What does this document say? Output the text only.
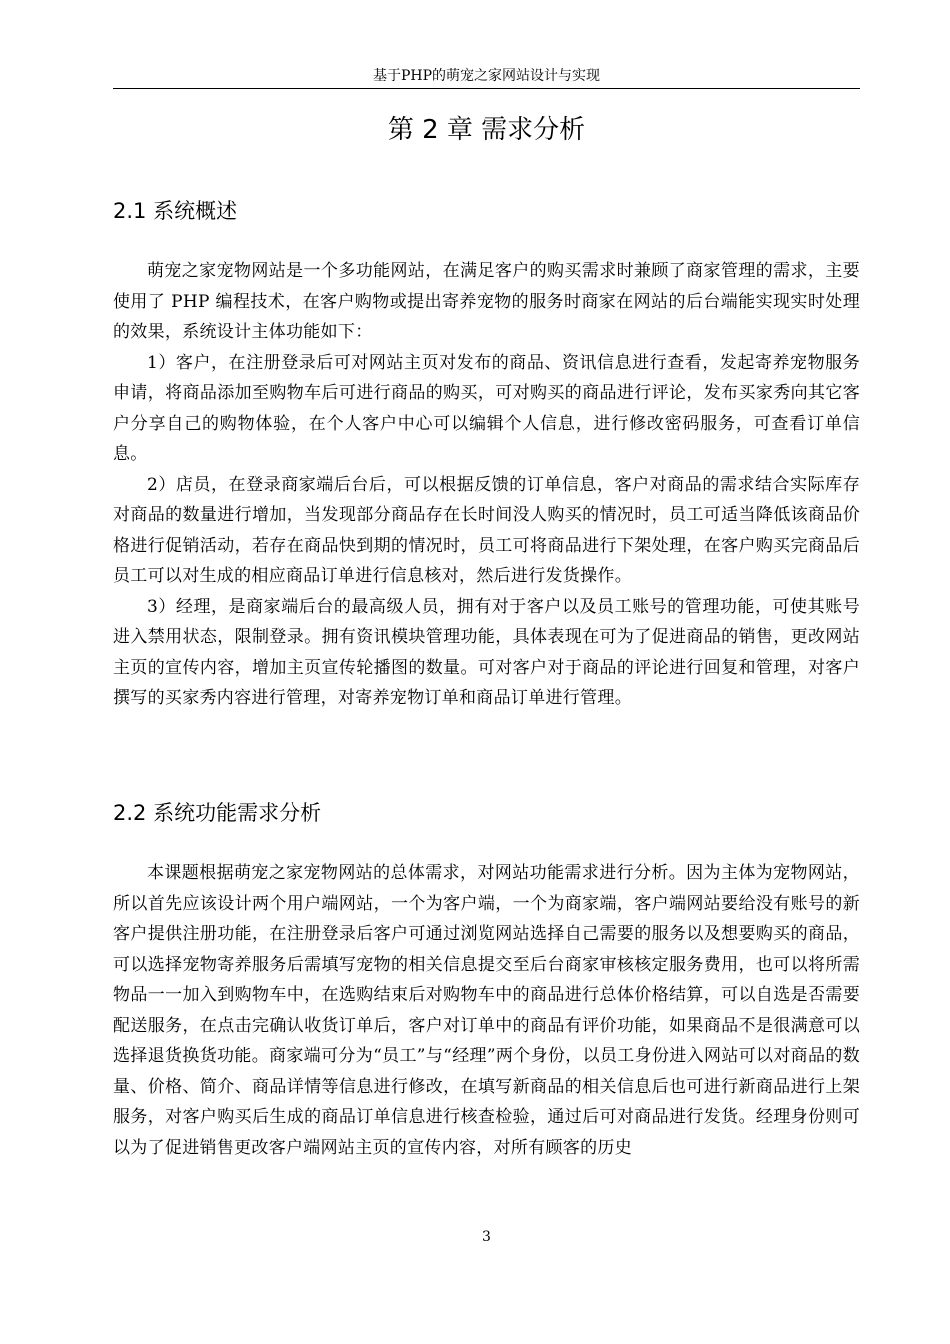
基于PHP的萌宠之家网站设计与实现
第 2 章 需求分析
2.1 系统概述

萌宠之家宠物网站是一个多功能网站，在满足客户的购买需求时兼顾了商家管理的需求，主要使用了 PHP 编程技术，在客户购物或提出寄养宠物的服务时商家在网站的后台端能实现实时处理的效果，系统设计主体功能如下：

1）客户，在注册登录后可对网站主页对发布的商品、资讯信息进行查看，发起寄养宠物服务申请，将商品添加至购物车后可进行商品的购买，可对购买的商品进行评论，发布买家秀向其它客户分享自己的购物体验，在个人客户中心可以编辑个人信息，进行修改密码服务，可查看订单信息。

2）店员，在登录商家端后台后，可以根据反馈的订单信息，客户对商品的需求结合实际库存对商品的数量进行增加，当发现部分商品存在长时间没人购买的情况时，员工可适当降低该商品价格进行促销活动，若存在商品快到期的情况时，员工可将商品进行下架处理，在客户购买完商品后员工可以对生成的相应商品订单进行信息核对，然后进行发货操作。

3）经理，是商家端后台的最高级人员，拥有对于客户以及员工账号的管理功能，可使其账号进入禁用状态，限制登录。拥有资讯模块管理功能，具体表现在可为了促进商品的销售，更改网站主页的宣传内容，增加主页宣传轮播图的数量。可对客户对于商品的评论进行回复和管理，对客户撰写的买家秀内容进行管理，对寄养宠物订单和商品订单进行管理。

2.2 系统功能需求分析

本课题根据萌宠之家宠物网站的总体需求，对网站功能需求进行分析。因为主体为宠物网站，所以首先应该设计两个用户端网站，一个为客户端，一个为商家端，客户端网站要给没有账号的新客户提供注册功能，在注册登录后客户可通过浏览网站选择自己需要的服务以及想要购买的商品，可以选择宠物寄养服务后需填写宠物的相关信息提交至后台商家审核核定服务费用，也可以将所需物品一一加入到购物车中，在选购结束后对购物车中的商品进行总体价格结算，可以自选是否需要配送服务，在点击完确认收货订单后，客户对订单中的商品有评价功能，如果商品不是很满意可以选择退货换货功能。商家端可分为“员工”与“经理”两个身份，以员工身份进入网站可以对商品的数量、价格、简介、商品详情等信息进行修改，在填写新商品的相关信息后也可进行新商品进行上架服务，对客户购买后生成的商品订单信息进行核查检验，通过后可对商品进行发货。经理身份则可以为了促进销售更改客户端网站主页的宣传内容，对所有顾客的历史

3
